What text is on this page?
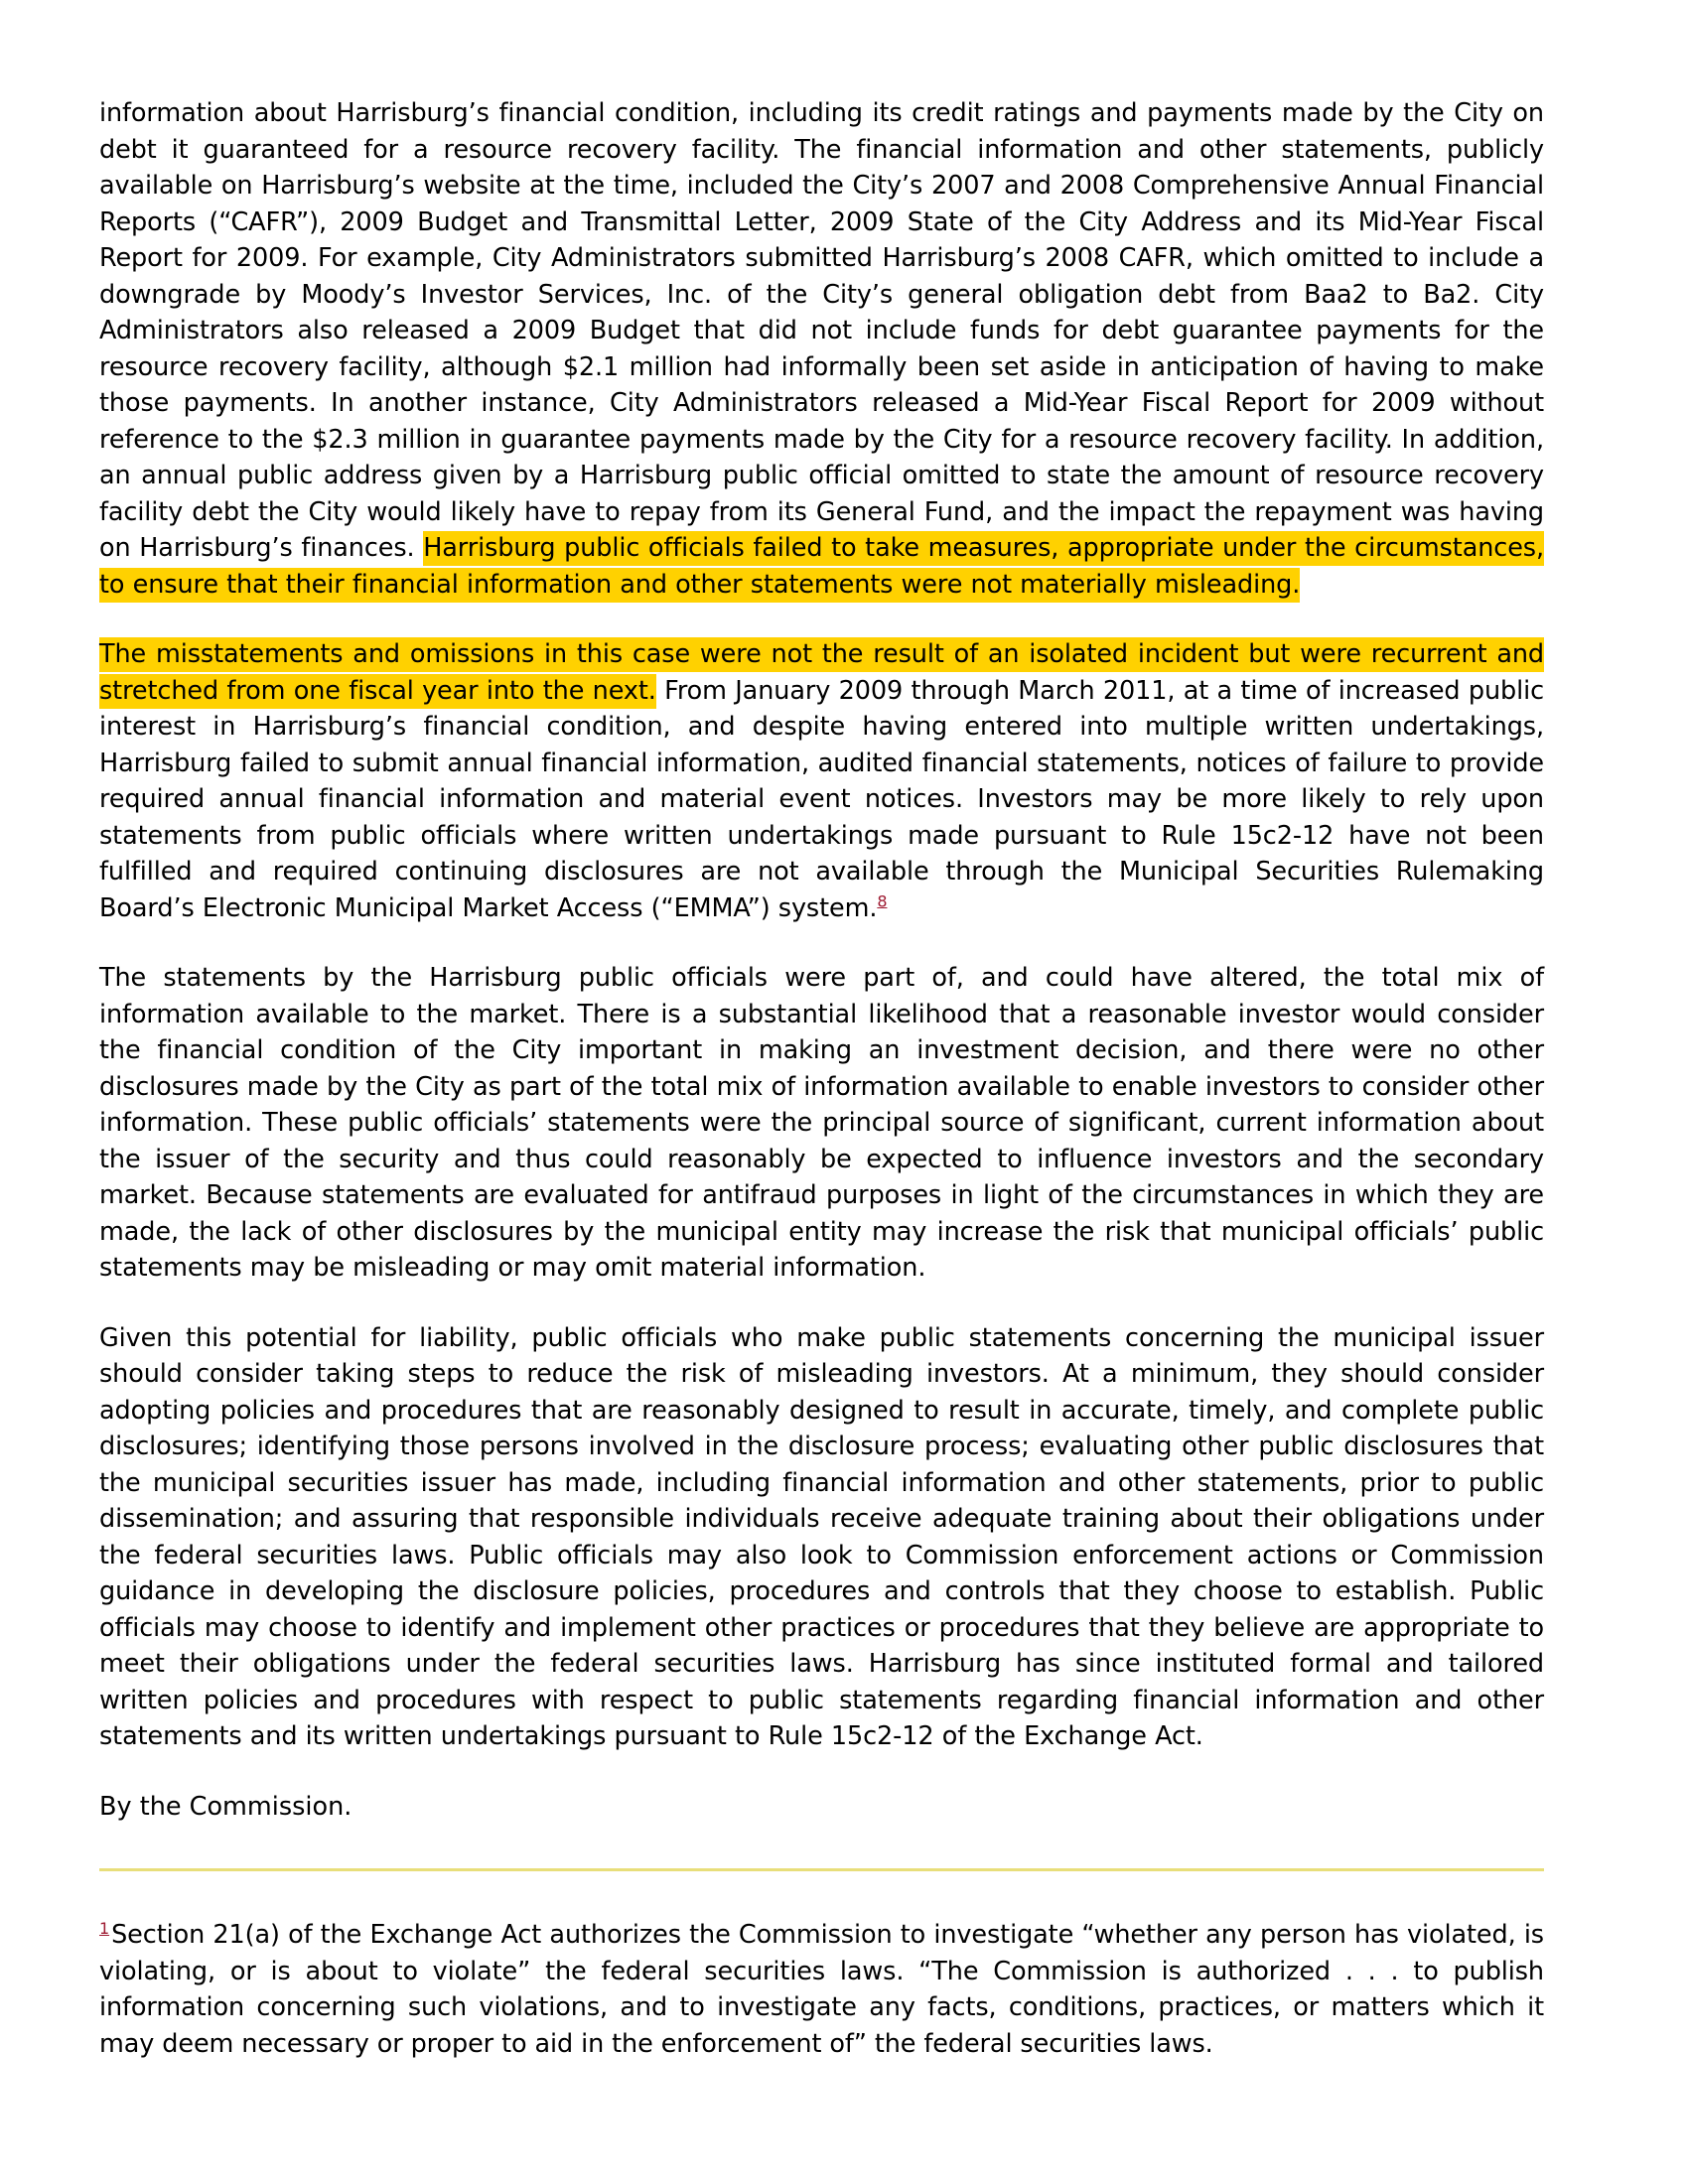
information about Harrisburg’s financial condition, including its credit ratings and payments made by the City on debt it guaranteed for a resource recovery facility. The financial information and other statements, publicly available on Harrisburg’s website at the time, included the City’s 2007 and 2008 Comprehensive Annual Financial Reports (“CAFR”), 2009 Budget and Transmittal Letter, 2009 State of the City Address and its Mid-Year Fiscal Report for 2009. For example, City Administrators submitted Harrisburg’s 2008 CAFR, which omitted to include a downgrade by Moody’s Investor Services, Inc. of the City’s general obligation debt from Baa2 to Ba2. City Administrators also released a 2009 Budget that did not include funds for debt guarantee payments for the resource recovery facility, although $2.1 million had informally been set aside in anticipation of having to make those payments. In another instance, City Administrators released a Mid-Year Fiscal Report for 2009 without reference to the $2.3 million in guarantee payments made by the City for a resource recovery facility. In addition, an annual public address given by a Harrisburg public official omitted to state the amount of resource recovery facility debt the City would likely have to repay from its General Fund, and the impact the repayment was having on Harrisburg’s finances. Harrisburg public officials failed to take measures, appropriate under the circumstances, to ensure that their financial information and other statements were not materially misleading.

The misstatements and omissions in this case were not the result of an isolated incident but were recurrent and stretched from one fiscal year into the next. From January 2009 through March 2011, at a time of increased public interest in Harrisburg’s financial condition, and despite having entered into multiple written undertakings, Harrisburg failed to submit annual financial information, audited financial statements, notices of failure to provide required annual financial information and material event notices. Investors may be more likely to rely upon statements from public officials where written undertakings made pursuant to Rule 15c2-12 have not been fulfilled and required continuing disclosures are not available through the Municipal Securities Rulemaking Board’s Electronic Municipal Market Access (“EMMA”) system.$^8$

The statements by the Harrisburg public officials were part of, and could have altered, the total mix of information available to the market. There is a substantial likelihood that a reasonable investor would consider the financial condition of the City important in making an investment decision, and there were no other disclosures made by the City as part of the total mix of information available to enable investors to consider other information. These public officials’ statements were the principal source of significant, current information about the issuer of the security and thus could reasonably be expected to influence investors and the secondary market. Because statements are evaluated for antifraud purposes in light of the circumstances in which they are made, the lack of other disclosures by the municipal entity may increase the risk that municipal officials’ public statements may be misleading or may omit material information.

Given this potential for liability, public officials who make public statements concerning the municipal issuer should consider taking steps to reduce the risk of misleading investors. At a minimum, they should consider adopting policies and procedures that are reasonably designed to result in accurate, timely, and complete public disclosures; identifying those persons involved in the disclosure process; evaluating other public disclosures that the municipal securities issuer has made, including financial information and other statements, prior to public dissemination; and assuring that responsible individuals receive adequate training about their obligations under the federal securities laws. Public officials may also look to Commission enforcement actions or Commission guidance in developing the disclosure policies, procedures and controls that they choose to establish. Public officials may choose to identify and implement other practices or procedures that they believe are appropriate to meet their obligations under the federal securities laws. Harrisburg has since instituted formal and tailored written policies and procedures with respect to public statements regarding financial information and other statements and its written undertakings pursuant to Rule 15c2-12 of the Exchange Act.

By the Commission.

$^1$Section 21(a) of the Exchange Act authorizes the Commission to investigate “whether any person has violated, is violating, or is about to violate” the federal securities laws. “The Commission is authorized . . . to publish information concerning such violations, and to investigate any facts, conditions, practices, or matters which it may deem necessary or proper to aid in the enforcement of” the federal securities laws.
